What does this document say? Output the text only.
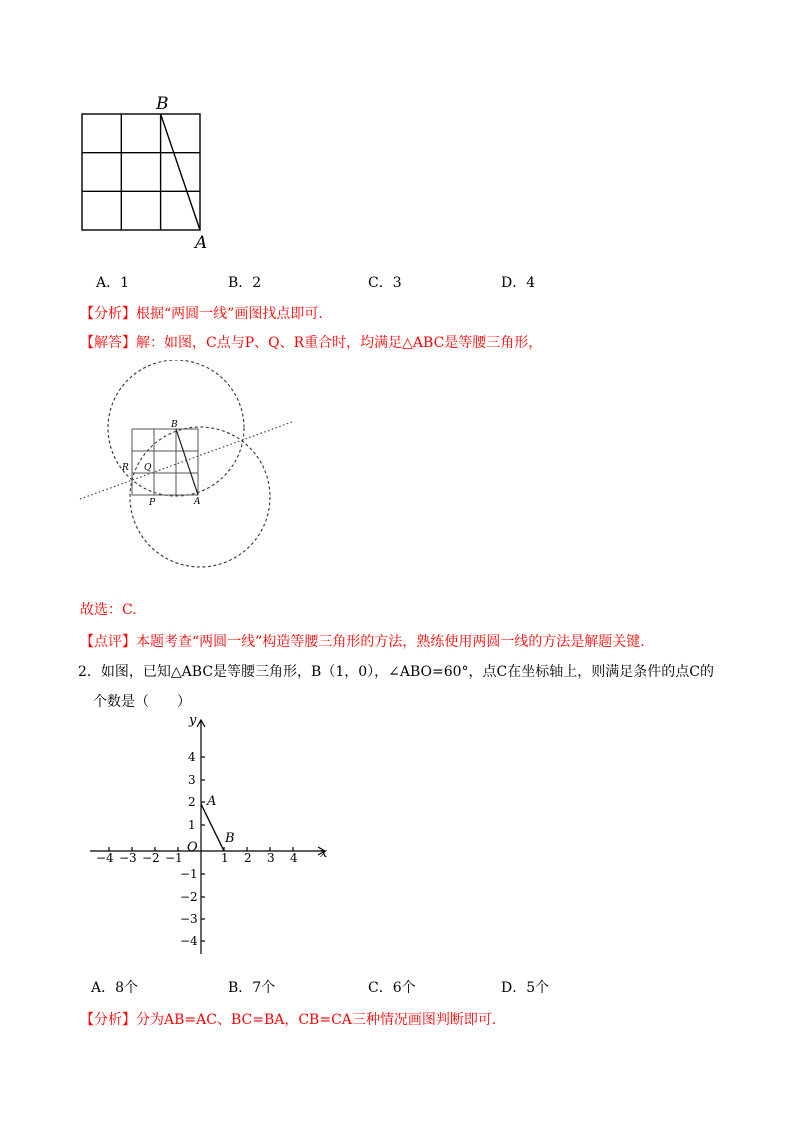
B
A
A．1	B．2	C．3	D．4
【分析】根据“两圆一线”画图找点即可.
【解答】解：如图，C点与P、Q、R重合时，均满足△ABC是等腰三角形，
B
A
R Q
P
故选：C.
【点评】本题考查“两圆一线”构造等腰三角形的方法，熟练使用两圆一线的方法是解题关键.
2．如图，已知△ABC是等腰三角形，B（1，0），∠ABO=60°，点C在坐标轴上，则满足条件的点C的
个数是（　　）
x
y
O
A
B
−4 −3 −2 −1	1 2 3 4
4
3
2
1
−1
−2
−3
−4
A．8个	B．7个	C．6个	D．5个
【分析】分为AB=AC、BC=BA，CB=CA三种情况画图判断即可.
